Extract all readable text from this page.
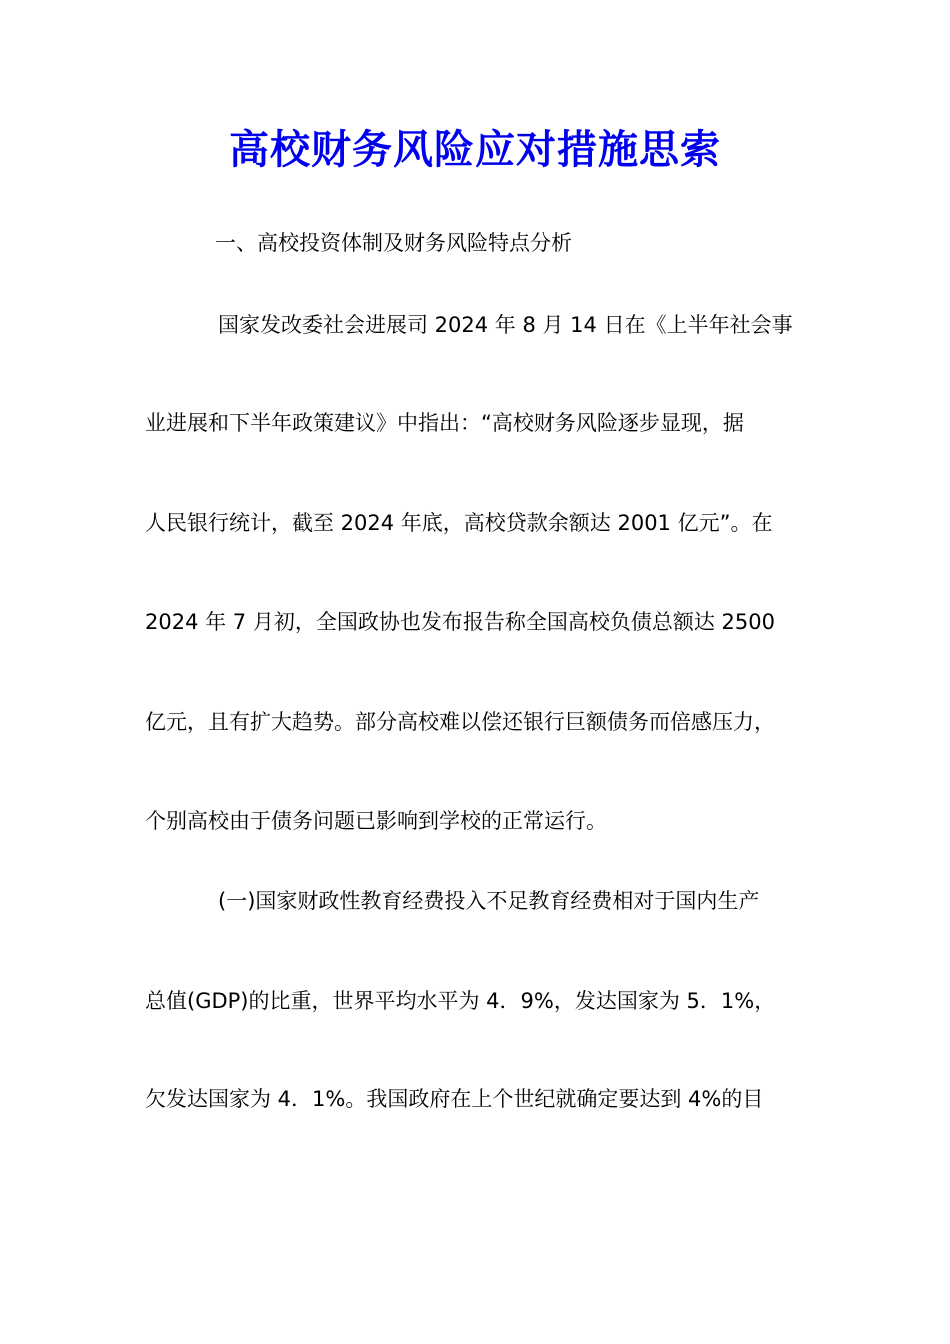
高校财务风险应对措施思索
一、高校投资体制及财务风险特点分析
国家发改委社会进展司 2024 年 8 月 14 日在《上半年社会事
业进展和下半年政策建议》中指出：“高校财务风险逐步显现，据
人民银行统计，截至 2024 年底，高校贷款余额达 2001 亿元”。在
2024 年 7 月初，全国政协也发布报告称全国高校负债总额达 2500
亿元，且有扩大趋势。部分高校难以偿还银行巨额债务而倍感压力，
个别高校由于债务问题已影响到学校的正常运行。
(一)国家财政性教育经费投入不足教育经费相对于国内生产
总值(GDP)的比重，世界平均水平为 4．9%，发达国家为 5．1%，
欠发达国家为 4．1%。我国政府在上个世纪就确定要达到 4%的目
